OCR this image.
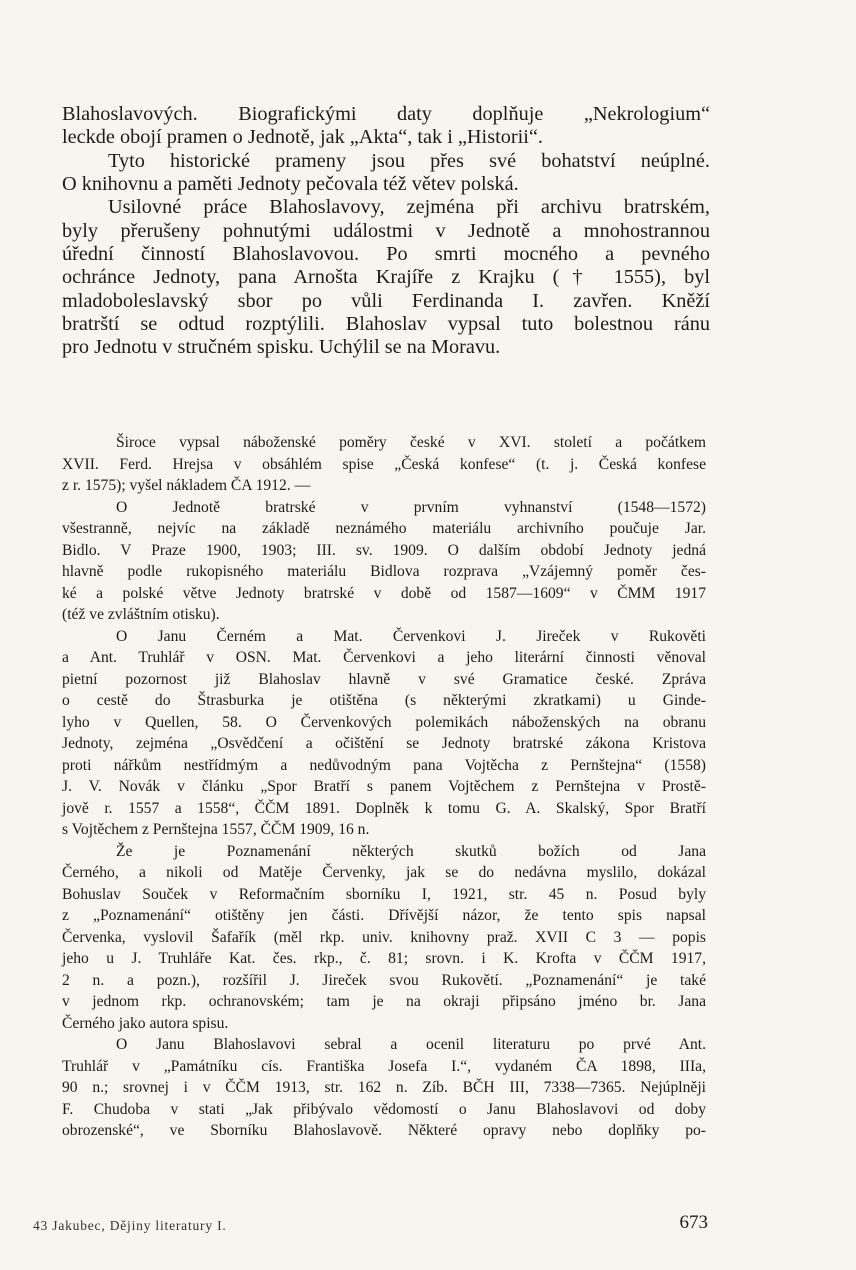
Blahoslavových. Biografickými daty doplňuje „Nekrologium“
leckde obojí pramen o Jednotě, jak „Akta“, tak i „Historii“.
Tyto historické prameny jsou přes své bohatství neúplné.
O knihovnu a paměti Jednoty pečovala též větev polská.
Usilovné práce Blahoslavovy, zejména při archivu bratrském,
byly přerušeny pohnutými událostmi v Jednotě a mnohostrannou
úřední činností Blahoslavovou. Po smrti mocného a pevného
ochránce Jednoty, pana Arnošta Krajíře z Krajku († 1555), byl
mladoboleslavský sbor po vůli Ferdinanda I. zavřen. Kněží
bratrští se odtud rozptýlili. Blahoslav vypsal tuto bolestnou ránu
pro Jednotu v stručném spisku. Uchýlil se na Moravu.
Široce vypsal náboženské poměry české v XVI. století a počátkem
XVII. Ferd. Hrejsa v obsáhlém spise „Česká konfese“ (t. j. Česká konfese
z r. 1575); vyšel nákladem ČA 1912. —
O Jednotě bratrské v prvním vyhnanství (1548—1572)
všestranně, nejvíc na základě neznámého materiálu archivního poučuje Jar.
Bidlo. V Praze 1900, 1903; III. sv. 1909. O dalším období Jednoty jedná
hlavně podle rukopisného materiálu Bidlova rozprava „Vzájemný poměr čes-
ké a polské větve Jednoty bratrské v době od 1587—1609“ v ČMM 1917
(též ve zvláštním otisku).
O Janu Černém a Mat. Červenkovi J. Jireček v Rukověti
a Ant. Truhlář v OSN. Mat. Červenkovi a jeho literární činnosti věnoval
pietní pozornost již Blahoslav hlavně v své Gramatice české. Zpráva
o cestě do Štrasburka je otištěna (s některými zkratkami) u Ginde-
lyho v Quellen, 58. O Červenkových polemikách náboženských na obranu
Jednoty, zejména „Osvědčení a očištění se Jednoty bratrské zákona Kristova
proti nářkům nestřídmým a nedůvodným pana Vojtěcha z Pernštejna“ (1558)
J. V. Novák v článku „Spor Bratří s panem Vojtěchem z Pernštejna v Prostě-
jově r. 1557 a 1558“, ČČM 1891. Doplněk k tomu G. A. Skalský, Spor Bratří
s Vojtěchem z Pernštejna 1557, ČČM 1909, 16 n.
Že je Poznamenání některých skutků božích od Jana
Černého, a nikoli od Matěje Červenky, jak se do nedávna myslilo, dokázal
Bohuslav Souček v Reformačním sborníku I, 1921, str. 45 n. Posud byly
z „Poznamenání“ otištěny jen části. Dřívější názor, že tento spis napsal
Červenka, vyslovil Šafařík (měl rkp. univ. knihovny praž. XVII C 3 — popis
jeho u J. Truhláře Kat. čes. rkp., č. 81; srovn. i K. Krofta v ČČM 1917,
2 n. a pozn.), rozšířil J. Jireček svou Rukovětí. „Poznamenání“ je také
v jednom rkp. ochranovském; tam je na okraji připsáno jméno br. Jana
Černého jako autora spisu.
O Janu Blahoslavovi sebral a ocenil literaturu po prvé Ant.
Truhlář v „Památníku cís. Františka Josefa I.“, vydaném ČA 1898, IIIa,
90 n.; srovnej i v ČČM 1913, str. 162 n. Zíb. BČH III, 7338—7365. Nejúplněji
F. Chudoba v stati „Jak přibývalo vědomostí o Janu Blahoslavovi od doby
obrozenské“, ve Sborníku Blahoslavově. Některé opravy nebo doplňky po-
43 Jakubec, Dějiny literatury I.	673
